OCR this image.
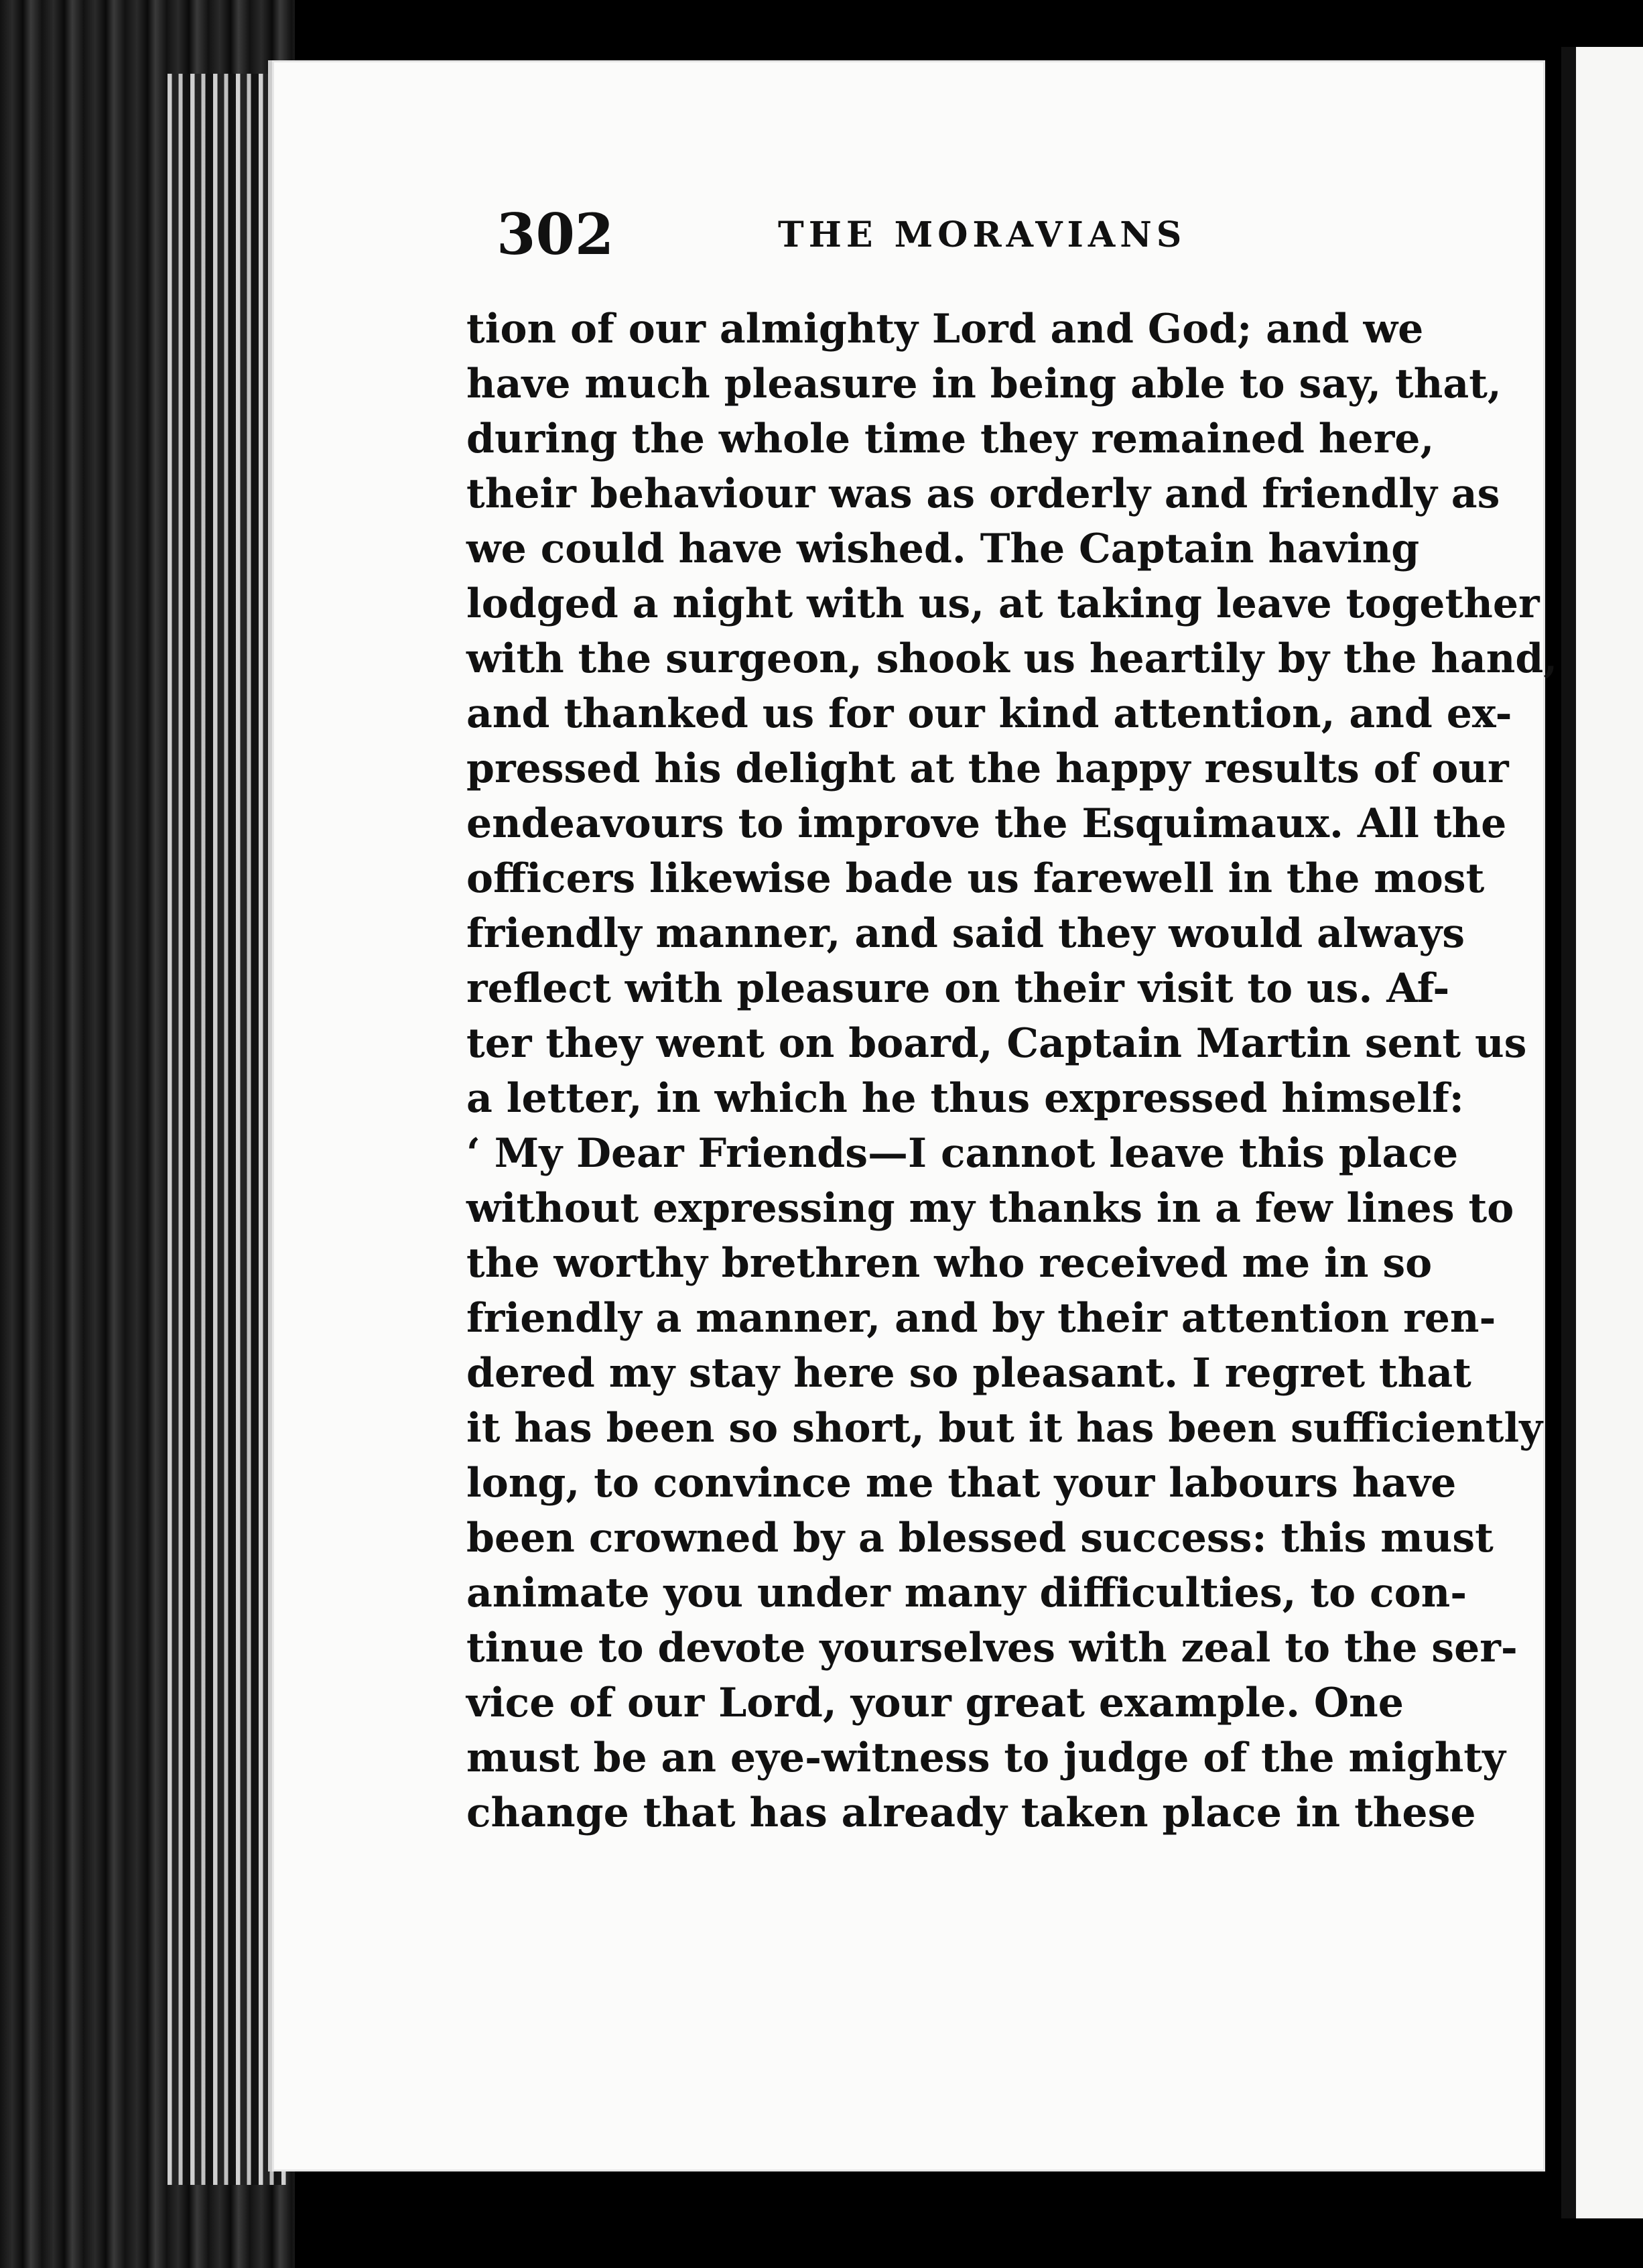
302	THE MORAVIANS
tion of our almighty Lord and God; and we
have much pleasure in being able to say, that,
during the whole time they remained here,
their behaviour was as orderly and friendly as
we could have wished. The Captain having
lodged a night with us, at taking leave together
with the surgeon, shook us heartily by the hand,
and thanked us for our kind attention, and ex-
pressed his delight at the happy results of our
endeavours to improve the Esquimaux. All the
officers likewise bade us farewell in the most
friendly manner, and said they would always
reflect with pleasure on their visit to us. Af-
ter they went on board, Captain Martin sent us
a letter, in which he thus expressed himself:
‘ My Dear Friends—I cannot leave this place
without expressing my thanks in a few lines to
the worthy brethren who received me in so
friendly a manner, and by their attention ren-
dered my stay here so pleasant. I regret that
it has been so short, but it has been sufficiently
long, to convince me that your labours have
been crowned by a blessed success: this must
animate you under many difficulties, to con-
tinue to devote yourselves with zeal to the ser-
vice of our Lord, your great example. One
must be an eye-witness to judge of the mighty
change that has already taken place in these
